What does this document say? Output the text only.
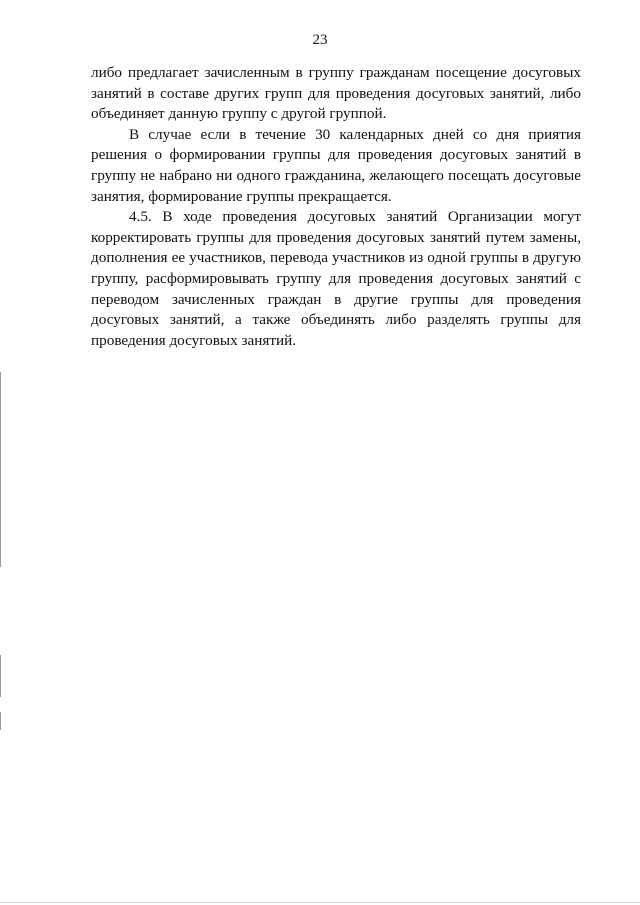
23

либо предлагает зачисленным в группу гражданам посещение досуговых занятий в составе других групп для проведения досуговых занятий, либо объединяет данную группу с другой группой.

В случае если в течение 30 календарных дней со дня приятия решения о формировании группы для проведения досуговых занятий в группу не набрано ни одного гражданина, желающего посещать досуговые занятия, формирование группы прекращается.

4.5. В ходе проведения досуговых занятий Организации могут корректировать группы для проведения досуговых занятий путем замены, дополнения ее участников, перевода участников из одной группы в другую группу, расформировывать группу для проведения досуговых занятий с переводом зачисленных граждан в другие группы для проведения досуговых занятий, а также объединять либо разделять группы для проведения досуговых занятий.
